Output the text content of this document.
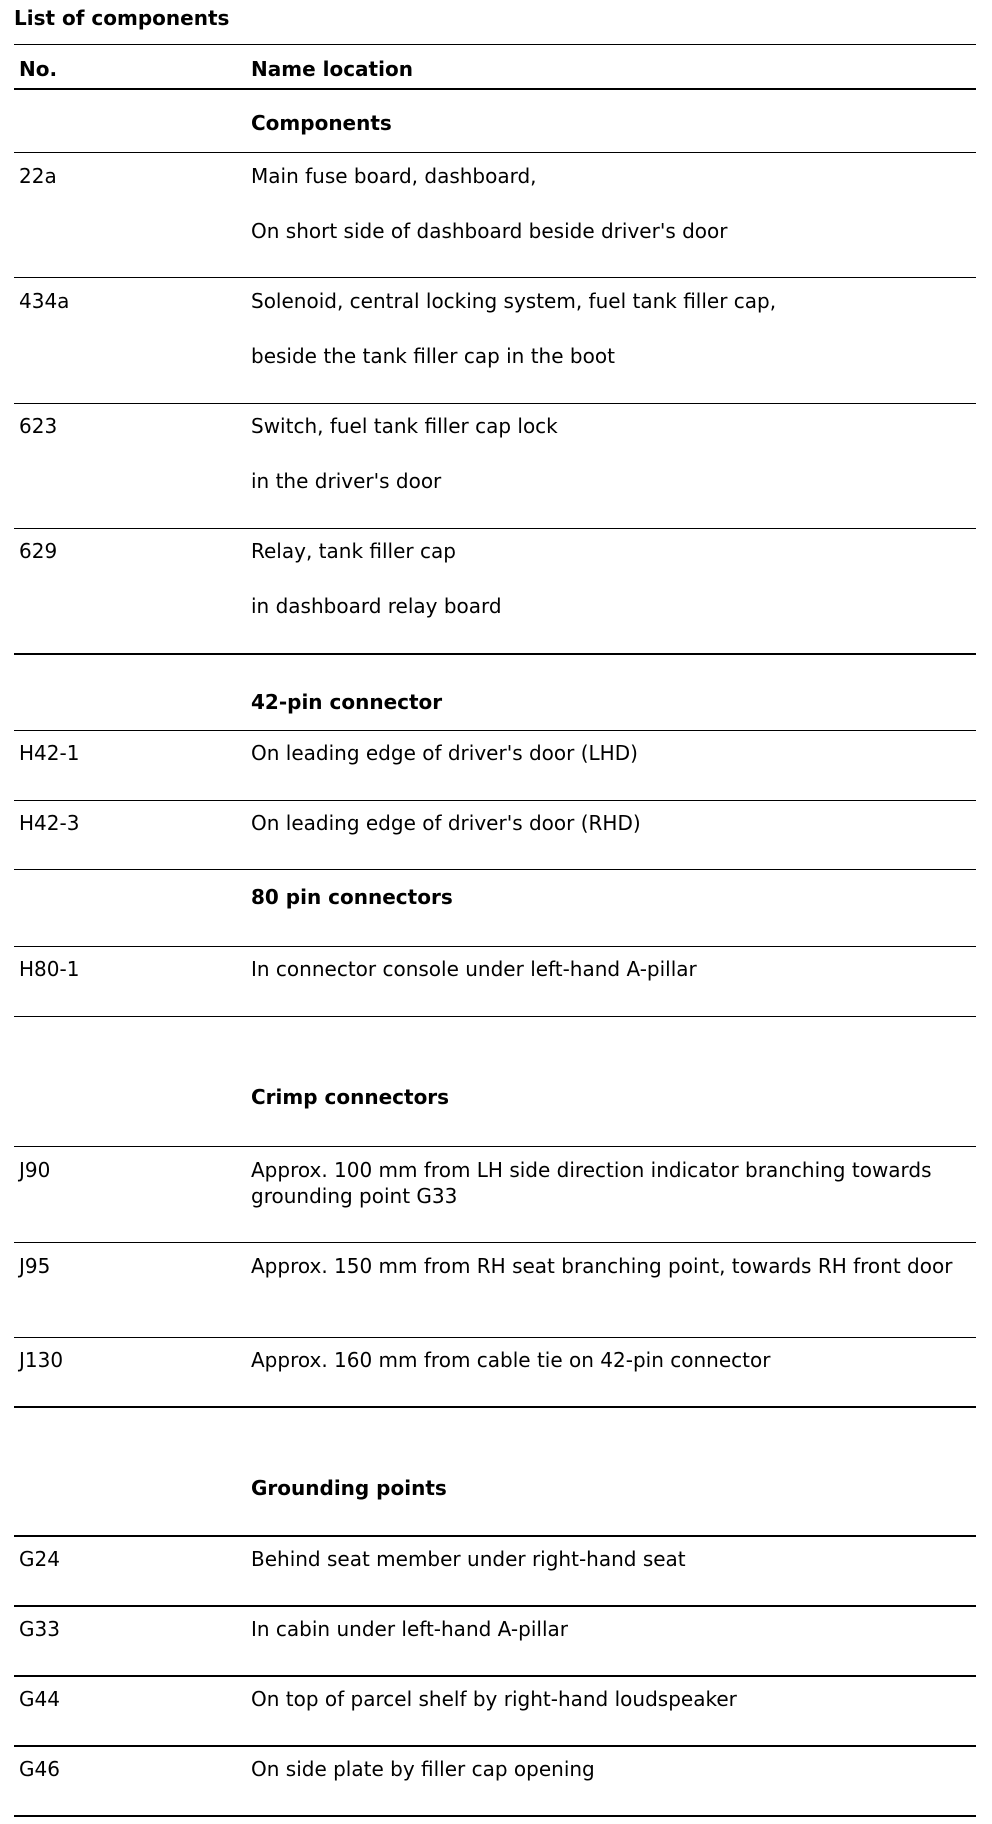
List of components
No.	Name location
Components
22a	Main fuse board, dashboard,
On short side of dashboard beside driver's door
434a	Solenoid, central locking system, fuel tank filler cap,
beside the tank filler cap in the boot
623	Switch, fuel tank filler cap lock
in the driver's door
629	Relay, tank filler cap
in dashboard relay board
42-pin connector
H42-1	On leading edge of driver's door (LHD)
H42-3	On leading edge of driver's door (RHD)
80 pin connectors
H80-1	In connector console under left-hand A-pillar
Crimp connectors
J90	Approx. 100 mm from LH side direction indicator branching towards grounding point G33
J95	Approx. 150 mm from RH seat branching point, towards RH front door
J130	Approx. 160 mm from cable tie on 42-pin connector
Grounding points
G24	Behind seat member under right-hand seat
G33	In cabin under left-hand A-pillar
G44	On top of parcel shelf by right-hand loudspeaker
G46	On side plate by filler cap opening
